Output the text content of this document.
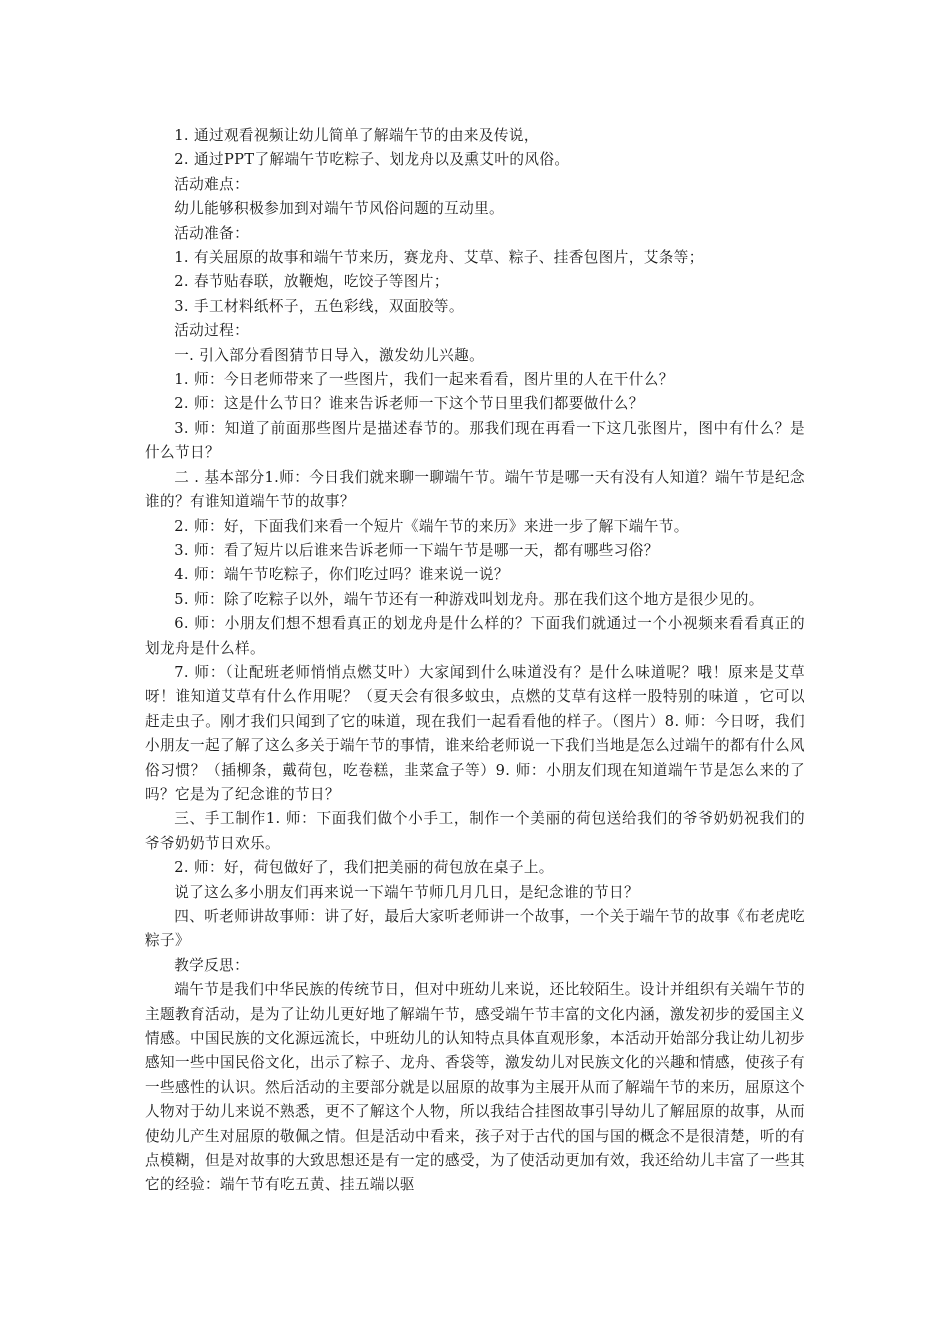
1. 通过观看视频让幼儿简单了解端午节的由来及传说，

2. 通过PPT了解端午节吃粽子、划龙舟以及熏艾叶的风俗。

活动难点：

幼儿能够积极参加到对端午节风俗问题的互动里。

活动准备：

1. 有关屈原的故事和端午节来历，赛龙舟、艾草、粽子、挂香包图片，艾条等；

2. 春节贴春联，放鞭炮，吃饺子等图片；

3. 手工材料纸杯子，五色彩线，双面胶等。

活动过程：

一. 引入部分看图猜节日导入，激发幼儿兴趣。

1. 师：今日老师带来了一些图片，我们一起来看看，图片里的人在干什么？

2. 师：这是什么节日？谁来告诉老师一下这个节日里我们都要做什么？

3. 师：知道了前面那些图片是描述春节的。那我们现在再看一下这几张图片，图中有什么？是什么节日？

二 . 基本部分1.师：今日我们就来聊一聊端午节。端午节是哪一天有没有人知道？端午节是纪念谁的？有谁知道端午节的故事？

2. 师：好，下面我们来看一个短片《端午节的来历》来进一步了解下端午节。

3. 师：看了短片以后谁来告诉老师一下端午节是哪一天，都有哪些习俗？

4. 师：端午节吃粽子，你们吃过吗？谁来说一说？

5. 师：除了吃粽子以外，端午节还有一种游戏叫划龙舟。那在我们这个地方是很少见的。

6. 师：小朋友们想不想看真正的划龙舟是什么样的？下面我们就通过一个小视频来看看真正的划龙舟是什么样。

7. 师：（让配班老师悄悄点燃艾叶）大家闻到什么味道没有？是什么味道呢？哦！原来是艾草呀！谁知道艾草有什么作用呢？（夏天会有很多蚊虫，点燃的艾草有这样一股特别的味道 ，它可以赶走虫子。刚才我们只闻到了它的味道，现在我们一起看看他的样子。（图片）8. 师：今日呀，我们小朋友一起了解了这么多关于端午节的事情，谁来给老师说一下我们当地是怎么过端午的都有什么风俗习惯？（插柳条，戴荷包，吃卷糕，韭菜盒子等）9. 师：小朋友们现在知道端午节是怎么来的了吗？它是为了纪念谁的节日？

三、手工制作1. 师：下面我们做个小手工，制作一个美丽的荷包送给我们的爷爷奶奶祝我们的爷爷奶奶节日欢乐。

2. 师：好，荷包做好了，我们把美丽的荷包放在桌子上。

说了这么多小朋友们再来说一下端午节师几月几日，是纪念谁的节日？

四、听老师讲故事师：讲了好，最后大家听老师讲一个故事，一个关于端午节的故事《布老虎吃粽子》

教学反思：

端午节是我们中华民族的传统节日，但对中班幼儿来说，还比较陌生。设计并组织有关端午节的主题教育活动，是为了让幼儿更好地了解端午节，感受端午节丰富的文化内涵，激发初步的爱国主义情感。中国民族的文化源远流长，中班幼儿的认知特点具体直观形象，本活动开始部分我让幼儿初步感知一些中国民俗文化，出示了粽子、龙舟、香袋等，激发幼儿对民族文化的兴趣和情感，使孩子有一些感性的认识。然后活动的主要部分就是以屈原的故事为主展开从而了解端午节的来历，屈原这个人物对于幼儿来说不熟悉，更不了解这个人物，所以我结合挂图故事引导幼儿了解屈原的故事，从而使幼儿产生对屈原的敬佩之情。但是活动中看来，孩子对于古代的国与国的概念不是很清楚，听的有点模糊，但是对故事的大致思想还是有一定的感受，为了使活动更加有效，我还给幼儿丰富了一些其它的经验：端午节有吃五黄、挂五端以驱
